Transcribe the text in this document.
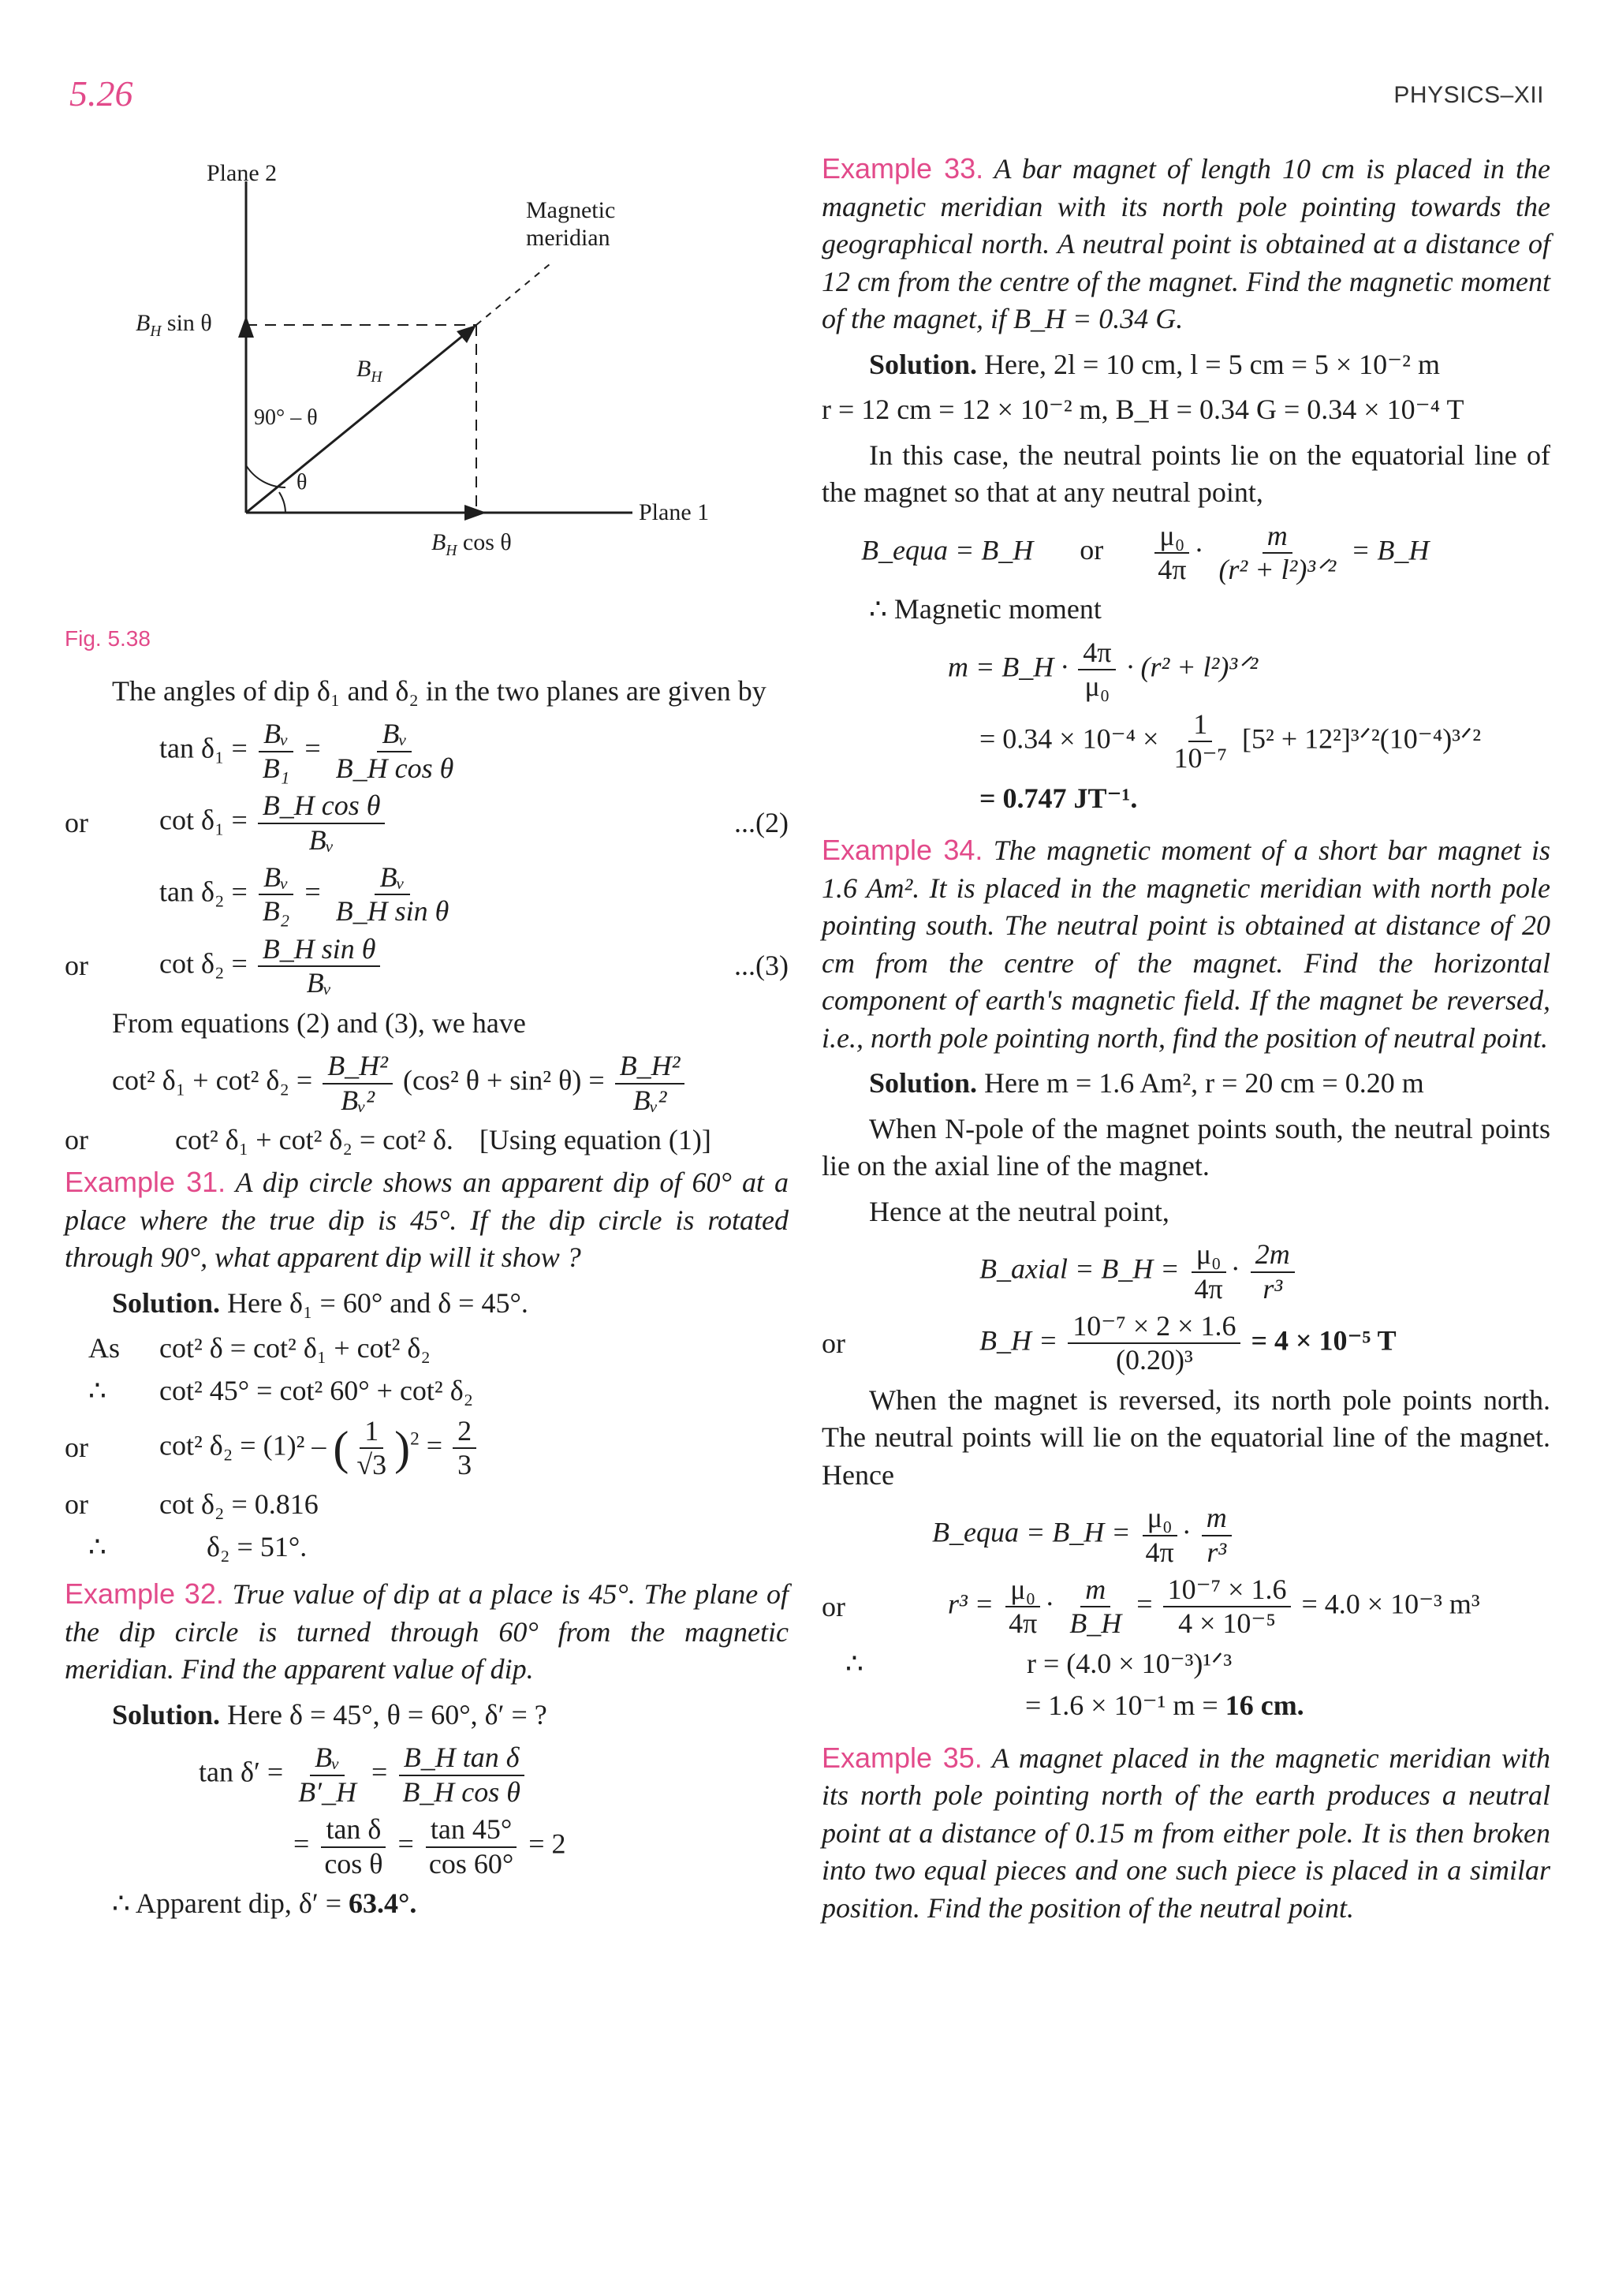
5.26	PHYSICS–XII
Plane 2
Magnetic
meridian
$B_H$ sin θ
$B_H$
90° – θ
θ
Plane 1
$B_H$ cos θ
Fig. 5.38

The angles of dip δ₁ and δ₂ in the two planes are given by

$\tan \delta_1 = \frac{\text{Bᵥ}}{\text{B₁}} = \frac{\text{Bᵥ}}{\text{B\_H cos θ}}$
or	$\cot \delta_1 = \frac{\text{B\_H cos θ}}{\text{Bᵥ}}$	...(2)
$\tan \delta_2 = \frac{\text{Bᵥ}}{\text{B₂}} = \frac{\text{Bᵥ}}{\text{B\_H sin θ}}$
or	$\cot \delta_2 = \frac{\text{B\_H sin θ}}{\text{Bᵥ}}$	...(3)

From equations (2) and (3), we have

cot² δ₁ + cot² $\delta_2 = \frac{\text{B\_H²}}{\text{Bᵥ²}} (\cos^2$ θ + sin² $\theta) = \frac{\text{B\_H²}}{\text{Bᵥ²}}$
or	cot² δ₁ + cot² δ₂ = cot² δ. [Using equation (1)]

Example 31. A dip circle shows an apparent dip of 60° at a place where the true dip is 45°. If the dip circle is rotated through 90°, what apparent dip will it show ?

Solution. Here δ₁ = 60° and δ = 45°.

As	cot² δ = cot² δ₁ + cot² δ₂
∴	cot² 45° = cot² 60° + cot² δ₂
or	cot² δ₂ = (1)² – ( $\frac{1}{√3} )^2 = \frac{2}{3}$
or	cot δ₂ = 0.816
∴	δ₂ = 51°.

Example 32. True value of dip at a place is 45°. The plane of the dip circle is turned through 60° from the magnetic meridian. Find the apparent value of dip.

Solution. Here δ = 45°, θ = 60°, δ′ = ?

$\tan \delta' = \frac{\text{Bᵥ}}{B'\_H} = \frac{\text{B\_H tan δ}}{\text{B\_H cos θ}}$
= $\frac{\text{tan δ}}{\text{cos θ}} = \frac{\tan 45^\circ}{\cos 60^\circ} = 2$

∴ Apparent dip, δ′ = 63.4°.

Example 33. A bar magnet of length 10 cm is placed in the magnetic meridian with its north pole pointing towards the geographical north. A neutral point is obtained at a distance of 12 cm from the centre of the magnet. Find the magnetic moment of the magnet, if B_H = 0.34 G.

Solution. Here, 2l = 10 cm, l = 5 cm = 5 × 10⁻² m

r = 12 cm = 12 × 10⁻² m, B_H = 0.34 G = 0.34 × 10⁻⁴ T

In this case, the neutral points lie on the equatorial line of the magnet so that at any neutral point,

B_equa = B_H or $\frac{\text{μ₀}}{4\pi} \cdot \frac{m}{\text{(r² + l²)³ᐟ²}}$ = B_H

∴ Magnetic moment

m = B_H · $\frac{4\pi}{\text{μ₀}} \cdot (r^2$ + l²)³ᐟ²
= $0.34 \times 10^{-4} \times \frac{1}{\text{10⁻⁷}} [5^2$ + 12²]³ᐟ²(10⁻⁴)³ᐟ²
= 0.747 JT⁻¹.

Example 34. The magnetic moment of a short bar magnet is 1.6 Am². It is placed in the magnetic meridian with north pole pointing south. The neutral point is obtained at distance of 20 cm from the centre of the magnet. Find the horizontal component of earth's magnetic field. If the magnet be reversed, i.e., north pole pointing north, find the position of neutral point.

Solution. Here m = 1.6 Am², r = 20 cm = 0.20 m

When N-pole of the magnet points south, the neutral points lie on the axial line of the magnet.

Hence at the neutral point,

B_axial = B_H = $\frac{\text{μ₀}}{4\pi} \cdot \frac{2m}{\text{r³}}$
or	B_H = $\frac{\text{10⁻⁷ × 2 × 1.6}}{\text{(0.20)³}} = 4 \times 10^{-5}$ T

When the magnet is reversed, its north pole points north. The neutral points will lie on the equatorial line of the magnet. Hence

B_equa = B_H = $\frac{\text{μ₀}}{4\pi} \cdot \frac{m}{\text{r³}}$
or	$r^3 = \frac{\text{μ₀}}{4\pi} \cdot \frac{m}{B\_H} = \frac{\text{10⁻⁷ × 1.6}}{\text{4 × 10⁻⁵}} = 4.0 \times 10^{-3}$ m³
∴	r = (4.0 × 10⁻³)¹ᐟ³
= 1.6 × 10⁻¹ m = 16 cm.

Example 35. A magnet placed in the magnetic meridian with its north pole pointing north of the earth produces a neutral point at a distance of 0.15 m from either pole. It is then broken into two equal pieces and one such piece is placed in a similar position. Find the position of the neutral point.
